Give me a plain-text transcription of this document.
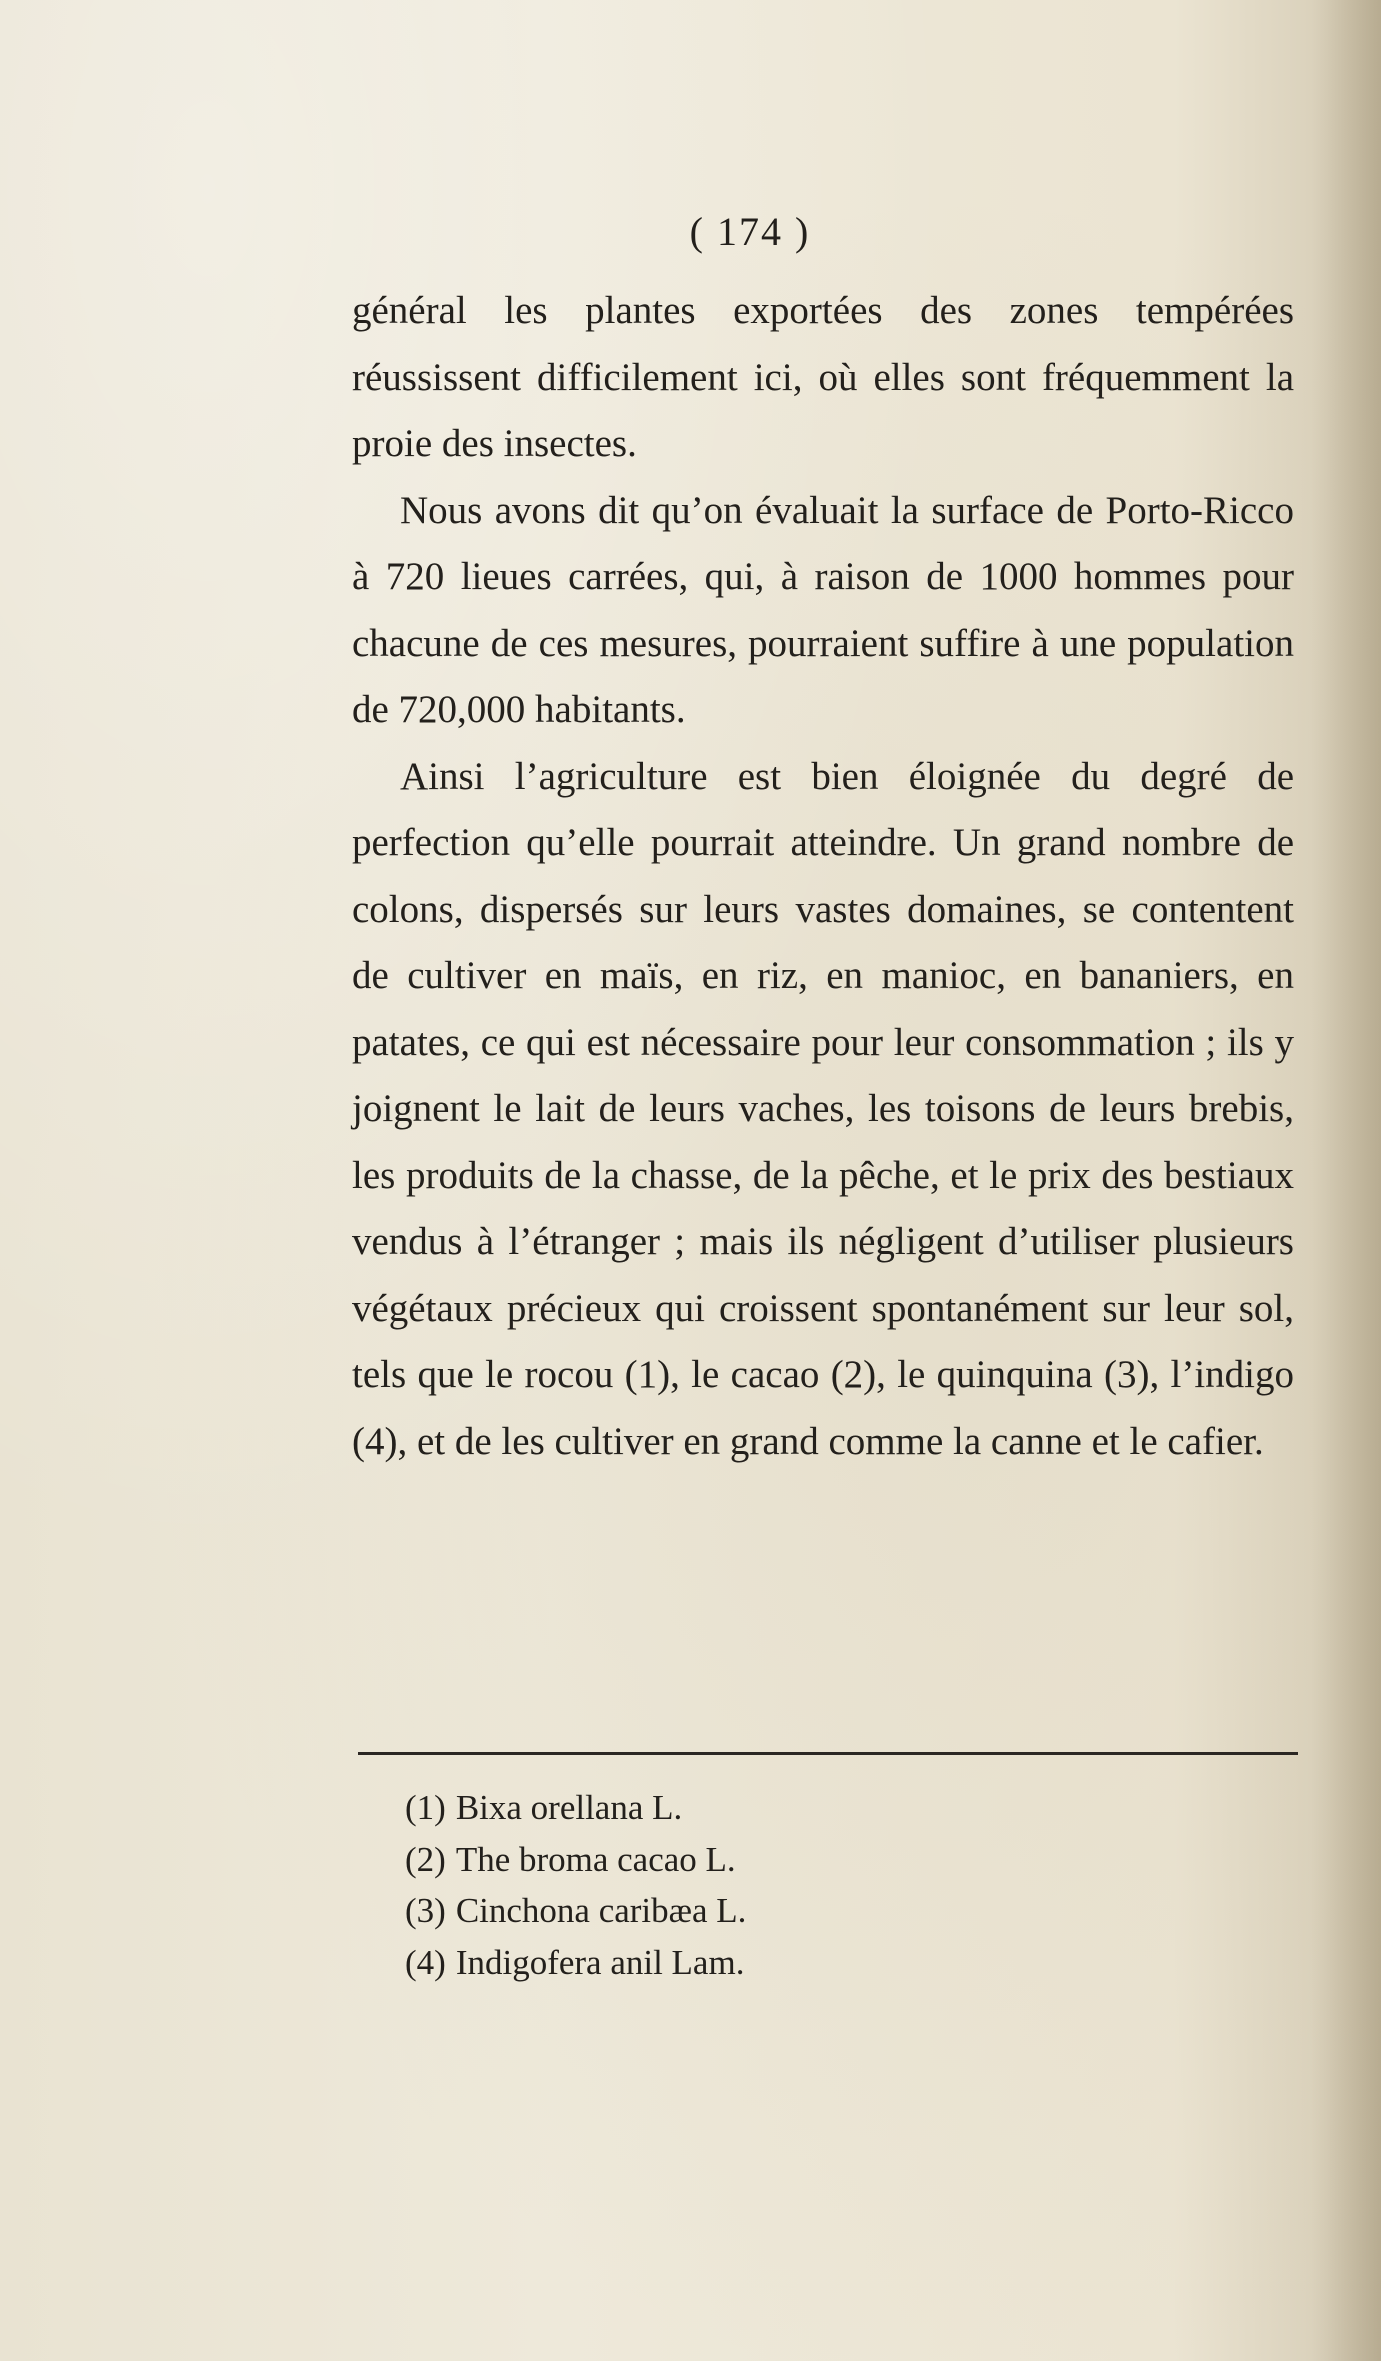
( 174 )

général les plantes exportées des zones tempérées réussissent difficilement ici, où elles sont fréquemment la proie des insectes.

Nous avons dit qu’on évaluait la surface de Porto-Ricco à 720 lieues carrées, qui, à raison de 1000 hommes pour chacune de ces mesures, pourraient suffire à une population de 720,000 habitants.

Ainsi l’agriculture est bien éloignée du degré de perfection qu’elle pourrait atteindre. Un grand nombre de colons, dispersés sur leurs vastes domaines, se contentent de cultiver en maïs, en riz, en manioc, en bananiers, en patates, ce qui est nécessaire pour leur consommation ; ils y joignent le lait de leurs vaches, les toisons de leurs brebis, les produits de la chasse, de la pêche, et le prix des bestiaux vendus à l’étranger ; mais ils négligent d’utiliser plusieurs végétaux précieux qui croissent spontanément sur leur sol, tels que le rocou (1), le cacao (2), le quinquina (3), l’indigo (4), et de les cultiver en grand comme la canne et le cafier.

(1) Bixa orellana L.
(2) The broma cacao L.
(3) Cinchona caribæa L.
(4) Indigofera anil Lam.
